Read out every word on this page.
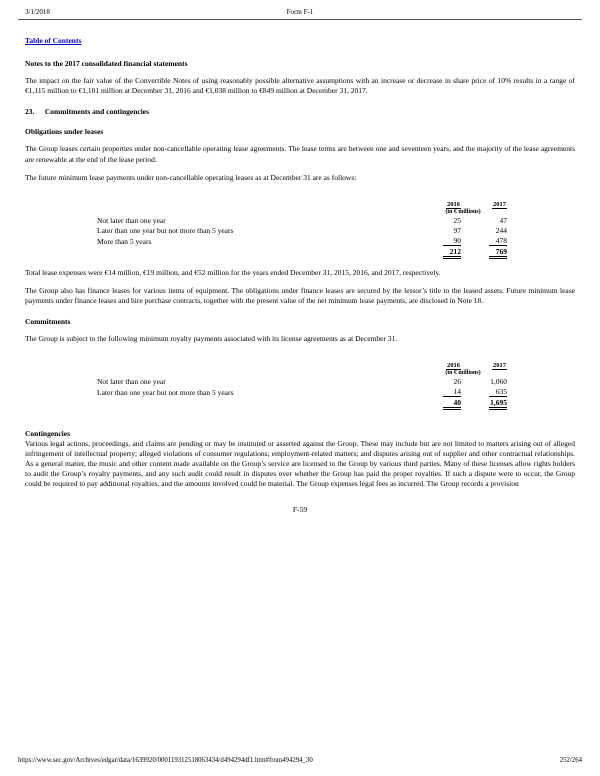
3/1/2018	Form F-1
Table of Contents
Notes to the 2017 consolidated financial statements

The impact on the fair value of the Convertible Notes of using reasonably possible alternative assumptions with an increase or decrease in share price of 10% results in a range of €1,115 million to €1,101 million at December 31, 2016 and €1,038 million to €849 million at December 31, 2017.

23. Commitments and contingencies
Obligations under leases

The Group leases certain properties under non-cancellable operating lease agreements. The lease terms are between one and seventeen years, and the majority of the lease agreements are renewable at the end of the lease period.

The future minimum lease payments under non-cancellable operating leases as at December 31 are as follows:

	2016	2017
	(in € millions)	
Not later than one year	25	47
Later than one year but not more than 5 years	97	244
More than 5 years	90	478
	212	769

Total lease expenses were €14 million, €19 million, and €52 million for the years ended December 31, 2015, 2016, and 2017, respectively.

The Group also has finance leases for various items of equipment. The obligations under finance leases are secured by the lessor’s title to the leased assets. Future minimum lease payments under finance leases and hire purchase contracts, together with the present value of the net minimum lease payments, are disclosed in Note 18.

Commitments

The Group is subject to the following minimum royalty payments associated with its license agreements as at December 31.

	2016	2017
	(in € millions)	
Not later than one year	26	1,060
Later than one year but not more than 5 years	14	635
	40	1,695
Contingencies

Various legal actions, proceedings, and claims are pending or may be instituted or asserted against the Group. These may include but are not limited to matters arising out of alleged infringement of intellectual property; alleged violations of consumer regulations; employment-related matters; and disputes arising out of supplier and other contractual relationships. As a general matter, the music and other content made available on the Group’s service are licensed to the Group by various third parties. Many of these licenses allow rights holders to audit the Group’s royalty payments, and any such audit could result in disputes over whether the Group has paid the proper royalties. If such a dispute were to occur, the Group could be required to pay additional royalties, and the amounts involved could be material. The Group expenses legal fees as incurred. The Group records a provision

F-59
https://www.sec.gov/Archives/edgar/data/1639920/000119312518063434/d494294df1.htm#from494294_30	252/264
